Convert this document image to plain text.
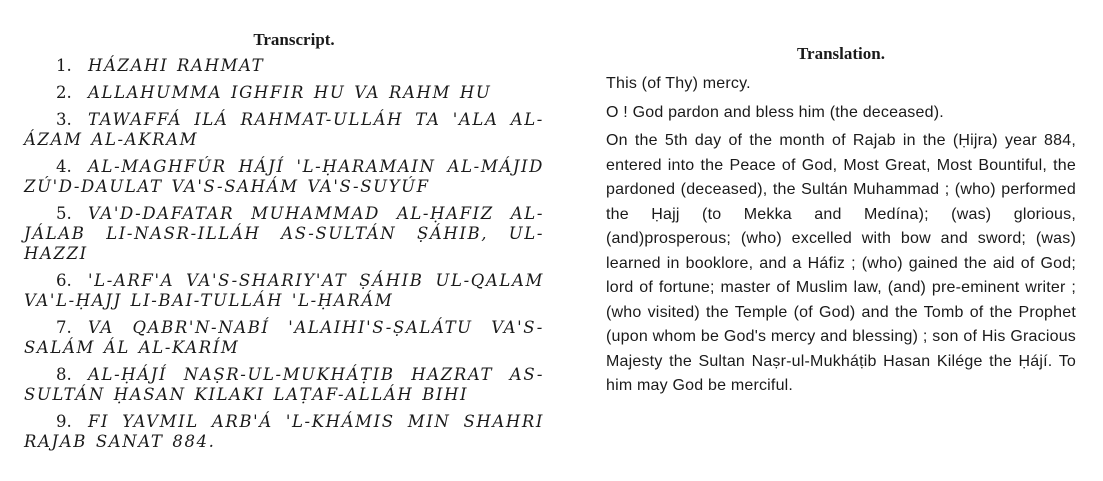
Transcript.
1. HÁZAHI RAHMAT
2. ALLAHUMMA IGHFIR HU VA RAHM HU
3. TAWAFFÁ ILÁ RAHMAT-ULLÁH TA 'ALA AL-ÁZAM AL-AKRAM
4. AL-MAGHFÚR HÁJÍ 'L-ḤARAMAIN AL-MÁJID ZÚ'D-DAULAT VA'S-SAHÁM VA'S-SUYÚF
5. VA'D-DAFATAR MUHAMMAD AL-ḤAFIZ AL-JÁLAB LI-NASR-ILLÁH AS-SULTÁN ṢÁHIB, UL-HAZZI
6. 'L-ARF'A VA'S-SHARIY'AT ṢÁHIB UL-QALAM VA'L-ḤAJJ LI-BAI-TULLÁH 'L-ḤARÁM
7. VA QABR'N-NABÍ 'ALAIHI'S-ṢALÁTU VA'S-SALÁM ÁL AL-KARÍM
8. AL-ḤÁJÍ NAṢR-UL-MUKHÁṬIB HAZRAT AS-SULTÁN ḤASAN KILAKI LAṬAF-ALLÁH BIHI
9. FI YAVMIL ARB'Á 'L-KHÁMIS MIN SHAHRI RAJAB SANAT 884.
Translation.

This (of Thy) mercy.

O ! God pardon and bless him (the deceased).

On the 5th day of the month of Rajab in the (Ḥijra) year 884, entered into the Peace of God, Most Great, Most Bountiful, the pardoned (deceased), the Sultán Muhammad ; (who) performed the Ḥajj (to Mekka and Medína); (was) glorious, (and)prosperous; (who) excelled with bow and sword; (was) learned in booklore, and a Háfiz ; (who) gained the aid of God; lord of fortune; master of Muslim law, (and) pre-eminent writer ; (who visited) the Temple (of God) and the Tomb of the Prophet (upon whom be God's mercy and blessing) ; son of His Gracious Majesty the Sultan Naṣr-ul-Mukháṭib Hasan Kilége the Ḥájí. To him may God be merciful.
